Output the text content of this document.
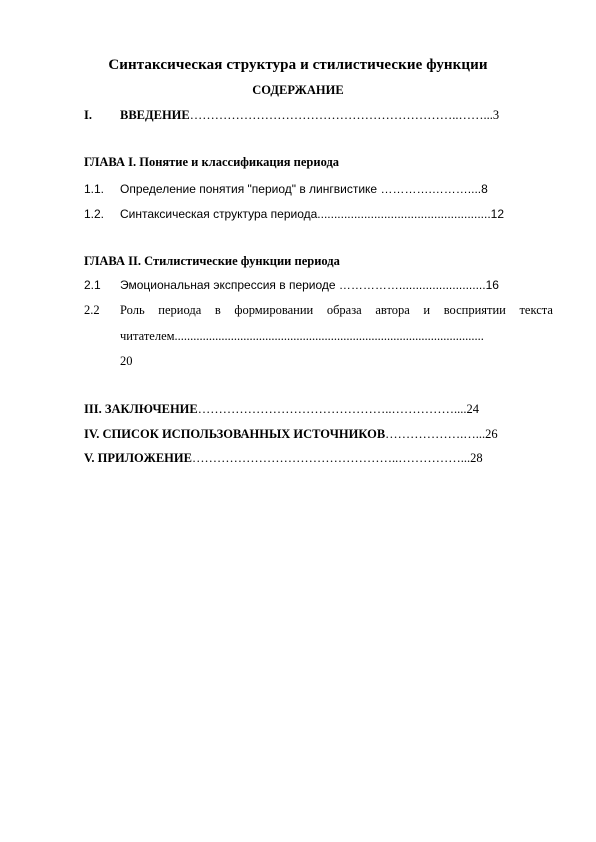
Синтаксическая структура и стилистические функции
СОДЕРЖАНИЕ
I. ВВЕДЕНИЕ………………………………………………………..……...3
ГЛАВА I. Понятие и классификация периода
1.1. Определение понятия "период" в лингвистике ………….………....8
1.2. Синтаксическая структура периода....................................................12
ГЛАВА II. Стилистические функции периода
2.1 Эмоциональная экспрессия в периоде ……………..........................16
2.2 Роль периода в формировании образа автора и восприятии текста
читателем...................................................................................................
20
III. ЗАКЛЮЧЕНИЕ………………………………………..……………....24
IV. СПИСОК ИСПОЛЬЗОВАННЫХ ИСТОЧНИКОВ……………….…...26
V. ПРИЛОЖЕНИЕ…………………………………………..……………...28
